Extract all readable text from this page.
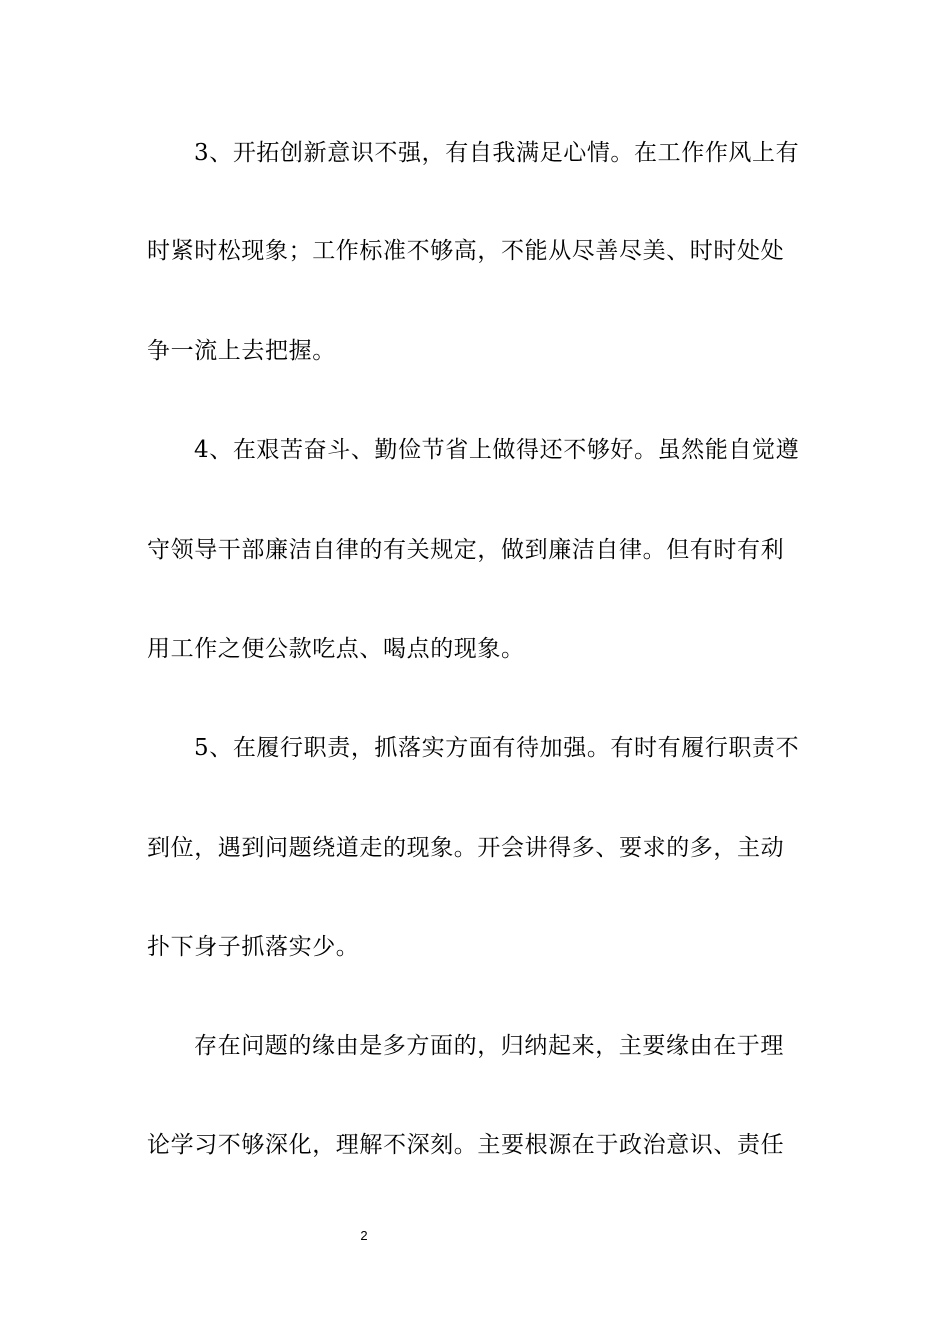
3、开拓创新意识不强，有自我满足心情。在工作作风上有
时紧时松现象；工作标准不够高，不能从尽善尽美、时时处处
争一流上去把握。
4、在艰苦奋斗、勤俭节省上做得还不够好。虽然能自觉遵
守领导干部廉洁自律的有关规定，做到廉洁自律。但有时有利
用工作之便公款吃点、喝点的现象。
5、在履行职责，抓落实方面有待加强。有时有履行职责不
到位，遇到问题绕道走的现象。开会讲得多、要求的多，主动
扑下身子抓落实少。
存在问题的缘由是多方面的，归纳起来，主要缘由在于理
论学习不够深化，理解不深刻。主要根源在于政治意识、责任
2
